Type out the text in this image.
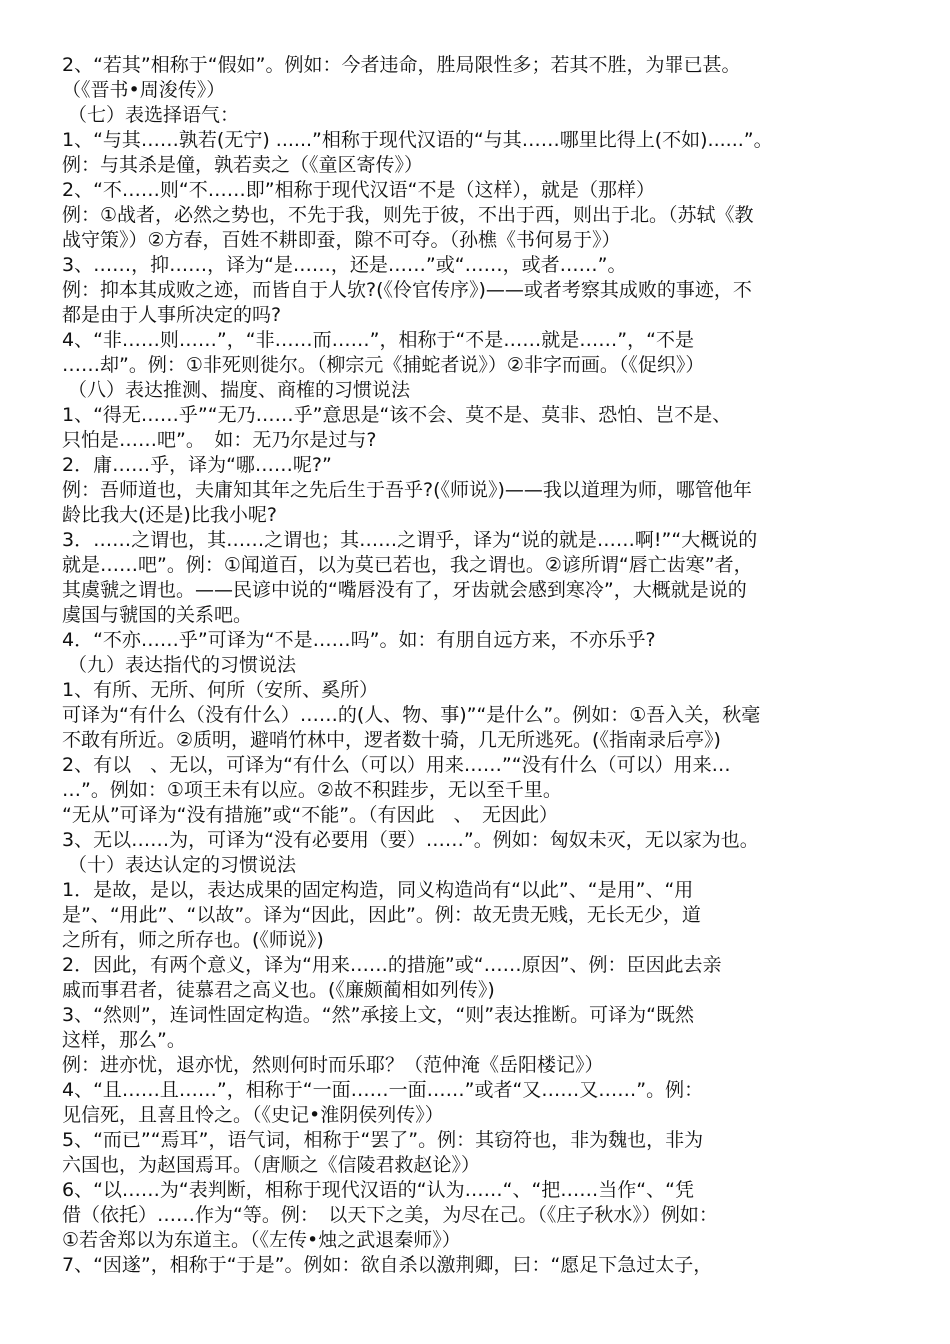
2、“若其”相称于“假如”。例如：今者违命，胜局限性多；若其不胜，为罪已甚。
（《晋书•周浚传》）
（七）表选择语气：
1、“与其……孰若(无宁) ......”相称于现代汉语的“与其……哪里比得上(不如)......”。
例：与其杀是僮，孰若卖之（《童区寄传》）
2、“不……则“不……即”相称于现代汉语“不是（这样），就是（那样）
例：①战者，必然之势也，不先于我，则先于彼，不出于西，则出于北。（苏轼《教
战守策》）②方春，百姓不耕即蚕，隙不可夺。（孙樵《书何易于》）
3、……，抑……，译为“是……，还是……”或“……，或者……”。
例：抑本其成败之迹，而皆自于人欤?(《伶官传序》)——或者考察其成败的事迹，不
都是由于人事所决定的吗?
4、“非……则……”，“非……而……”，相称于“不是……就是……”，“不是
……却”。例：①非死则徙尔。（柳宗元《捕蛇者说》）②非字而画。（《促织》）
（八）表达推测、揣度、商榷的习惯说法
1、“得无……乎”“无乃……乎”意思是“该不会、莫不是、莫非、恐怕、岂不是、
只怕是……吧”。　如：无乃尔是过与?
2．庸……乎，译为“哪……呢?”
例：吾师道也，夫庸知其年之先后生于吾乎?(《师说》)——我以道理为师，哪管他年
龄比我大(还是)比我小呢?
3．……之谓也，其……之谓也；其……之谓乎，译为“说的就是……啊!”“大概说的
就是……吧”。例：①闻道百，以为莫已若也，我之谓也。②谚所谓“唇亡齿寒”者，
其虞虢之谓也。——民谚中说的“嘴唇没有了，牙齿就会感到寒冷”，大概就是说的
虞国与虢国的关系吧。
4．“不亦……乎”可译为“不是……吗”。如：有朋自远方来，不亦乐乎?
（九）表达指代的习惯说法
1、有所、无所、何所（安所、奚所）
可译为“有什么（没有什么）……的(人、物、事)”“是什么”。例如：①吾入关，秋毫
不敢有所近。②质明，避哨竹林中，逻者数十骑，几无所逃死。(《指南录后亭》)
2、有以　、无以，可译为“有什么（可以）用来……”“没有什么（可以）用来…
…”。例如：①项王未有以应。②故不积跬步，无以至千里。
“无从”可译为“没有措施”或“不能”。（有因此　、　无因此）
3、无以……为，可译为“没有必要用（要）……”。例如：匈奴未灭，无以家为也。
（十）表达认定的习惯说法
1．是故，是以，表达成果的固定构造，同义构造尚有“以此”、“是用”、“用
是”、“用此”、“以故”。译为“因此，因此”。例：故无贵无贱，无长无少，道
之所有，师之所存也。(《师说》)
2．因此，有两个意义，译为“用来……的措施”或“……原因”、例：臣因此去亲
戚而事君者，徒慕君之高义也。(《廉颇蔺相如列传》)
3、“然则”，连词性固定构造。“然”承接上文，“则”表达推断。可译为“既然
这样，那么”。
例：进亦忧，退亦忧，然则何时而乐耶？（范仲淹《岳阳楼记》）
4、“且……且……”，相称于“一面……一面……”或者“又……又……”。例：
见信死，且喜且怜之。（《史记•淮阴侯列传》）
5、“而已”“焉耳”，语气词，相称于“罢了”。例：其窃符也，非为魏也，非为
六国也，为赵国焉耳。（唐顺之《信陵君救赵论》）
6、“以……为“表判断，相称于现代汉语的“认为……“、“把……当作“、“凭
借（依托）……作为“等。例：　以天下之美，为尽在己。（《庄子秋水》）例如：
①若舍郑以为东道主。（《左传•烛之武退秦师》）
7、“因遂”，相称于“于是”。例如：欲自杀以激荆卿，曰：“愿足下急过太子，
